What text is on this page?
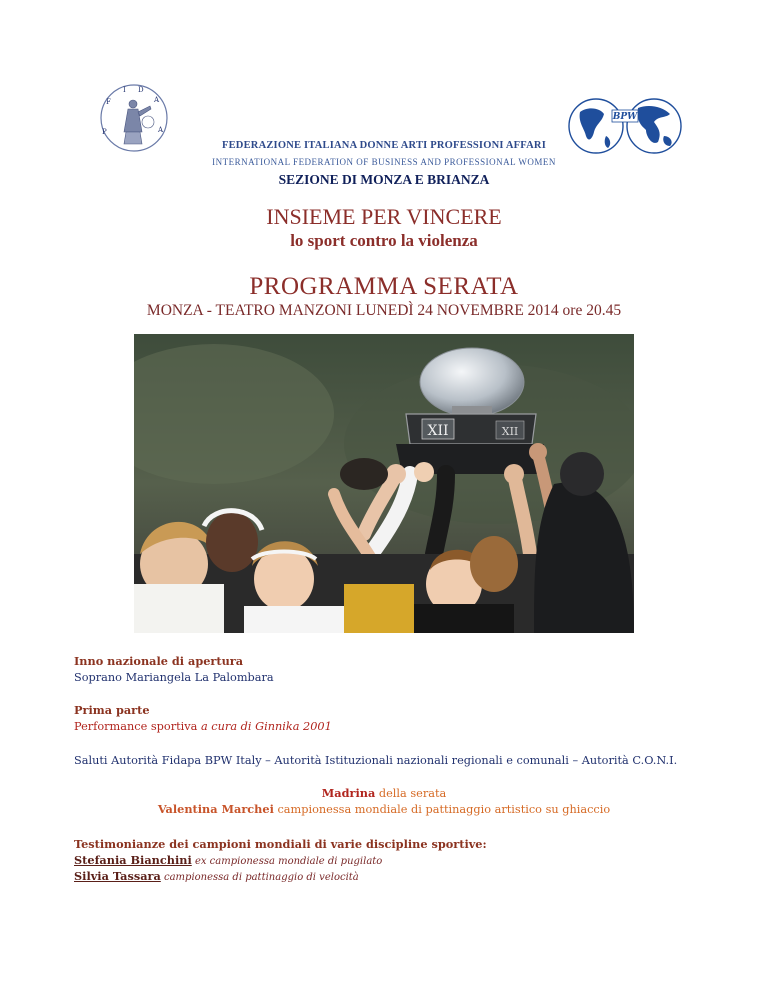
F
I D
A
P	A
BPW
FEDERAZIONE ITALIANA DONNE ARTI PROFESSIONI AFFARI
INTERNATIONAL FEDERATION OF BUSINESS AND PROFESSIONAL WOMEN
SEZIONE DI MONZA E BRIANZA
INSIEME PER VINCERE
lo sport contro la violenza
PROGRAMMA SERATA
MONZA - TEATRO MANZONI LUNEDÌ 24 NOVEMBRE 2014 ore 20.45
XII	XII
Inno nazionale di apertura
Soprano Mariangela La Palombara
Prima parte
Performance sportiva a cura di Ginnika 2001
Saluti Autorità Fidapa BPW Italy – Autorità Istituzionali nazionali regionali e comunali – Autorità C.O.N.I.
Madrina della serata
Valentina Marchei campionessa mondiale di pattinaggio artistico su ghiaccio
Testimonianze dei campioni mondiali di varie discipline sportive:
Stefania Bianchini ex campionessa mondiale di pugilato
Silvia Tassara campionessa di pattinaggio di velocità
